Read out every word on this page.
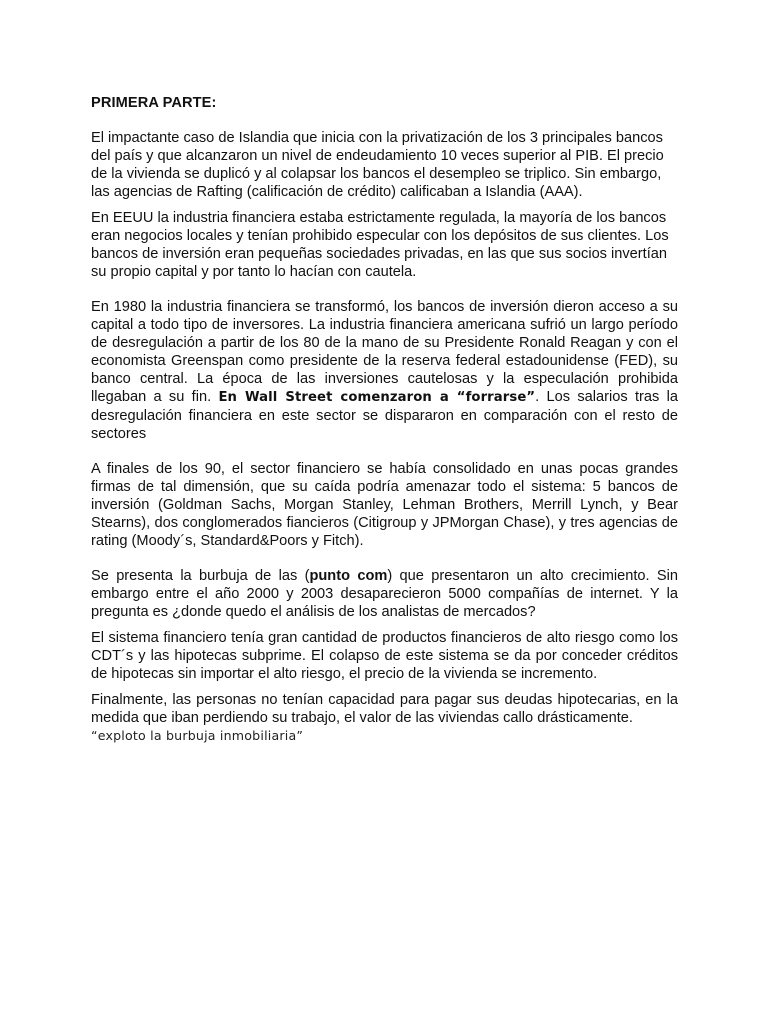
PRIMERA PARTE:

El impactante caso de Islandia que inicia con la privatización de los 3 principales bancos del país y que alcanzaron un nivel de endeudamiento 10 veces superior al PIB. El precio de la vivienda se duplicó y al colapsar los bancos el desempleo se triplico. Sin embargo, las agencias de Rafting (calificación de crédito) calificaban a Islandia (AAA).

En EEUU la industria financiera estaba estrictamente regulada, la mayoría de los bancos eran negocios locales y tenían prohibido especular con los depósitos de sus clientes. Los bancos de inversión eran pequeñas sociedades privadas, en las que sus socios invertían su propio capital y por tanto lo hacían con cautela.

En 1980 la industria financiera se transformó, los bancos de inversión dieron acceso a su capital a todo tipo de inversores. La industria financiera americana sufrió un largo período de desregulación a partir de los 80 de la mano de su Presidente Ronald Reagan y con el economista Greenspan como presidente de la reserva federal estadounidense (FED), su banco central. La época de las inversiones cautelosas y la especulación prohibida llegaban a su fin. En Wall Street comenzaron a “forrarse”. Los salarios tras la desregulación financiera en este sector se dispararon en comparación con el resto de sectores

A finales de los 90, el sector financiero se había consolidado en unas pocas grandes firmas de tal dimensión, que su caída podría amenazar todo el sistema: 5 bancos de inversión (Goldman Sachs, Morgan Stanley, Lehman Brothers, Merrill Lynch, y Bear Stearns), dos conglomerados fiancieros (Citigroup y JPMorgan Chase), y tres agencias de rating (Moody´s, Standard&Poors y Fitch).

Se presenta la burbuja de las (punto com) que presentaron un alto crecimiento. Sin embargo entre el año 2000 y 2003 desaparecieron 5000 compañías de internet. Y la pregunta es ¿donde quedo el análisis de los analistas de mercados?

El sistema financiero tenía gran cantidad de productos financieros de alto riesgo como los CDT´s y las hipotecas subprime. El colapso de este sistema se da por conceder créditos de hipotecas sin importar el alto riesgo, el precio de la vivienda se incremento.

Finalmente, las personas no tenían capacidad para pagar sus deudas hipotecarias, en la medida que iban perdiendo su trabajo, el valor de las viviendas callo drásticamente.
“exploto la burbuja inmobiliaria”
